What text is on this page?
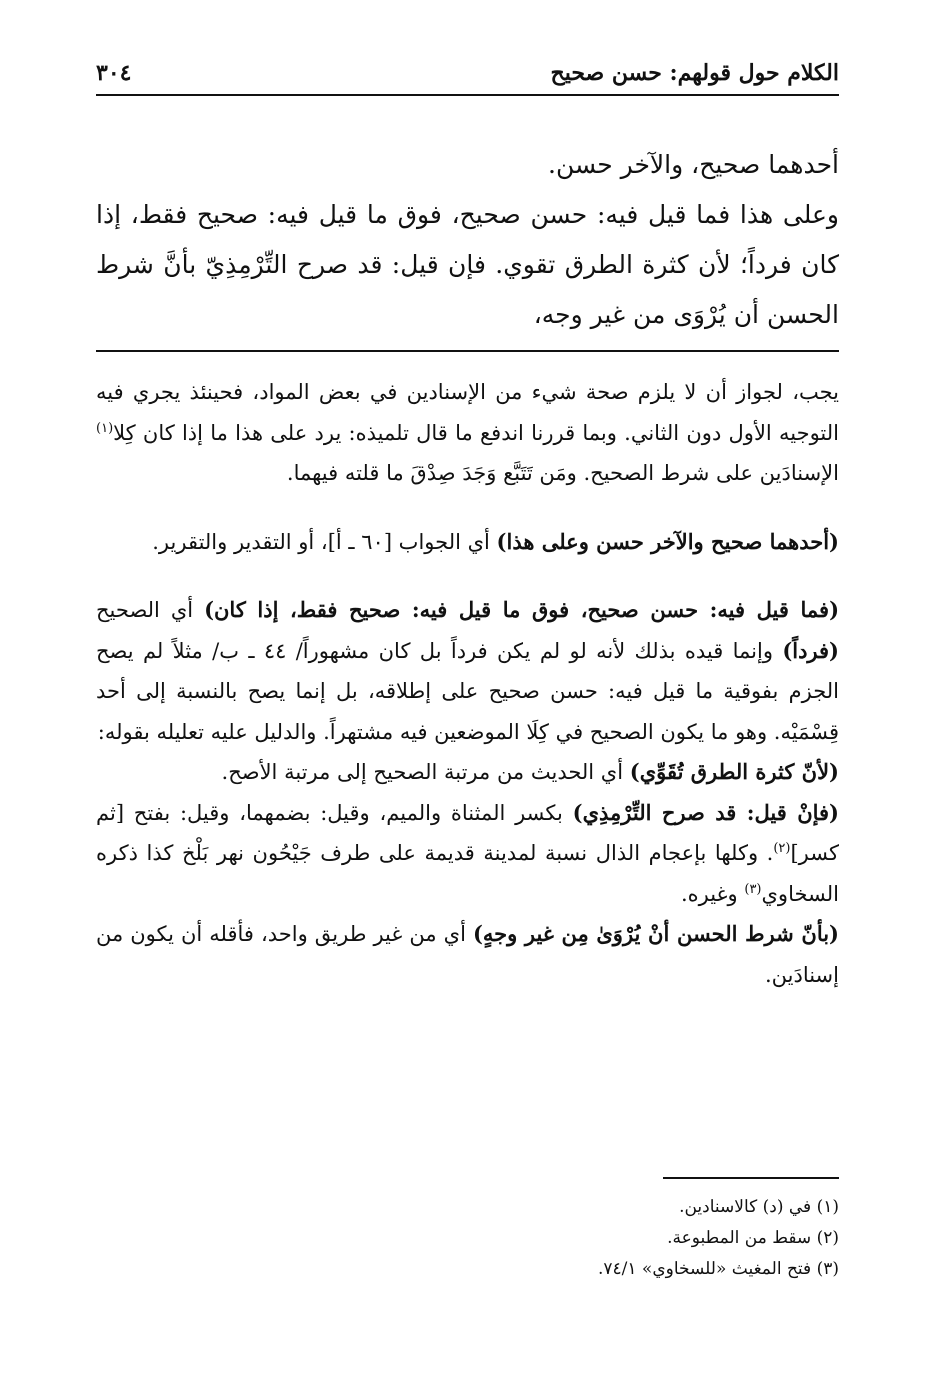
الكلام حول قولهم: حسن صحيح
٣٠٤

أحدهما صحيح، والآخر حسن.

وعلى هذا فما قيل فيه: حسن صحيح، فوق ما قيل فيه: صحيح فقط، إذا كان فرداً؛ لأن كثرة الطرق تقوي. فإن قيل: قد صرح التِّرْمِذِيّ بأنَّ شرط الحسن أن يُرْوَى من غير وجه،

يجب، لجواز أن لا يلزم صحة شيء من الإسنادين في بعض المواد، فحينئذ يجري فيه التوجيه الأول دون الثاني. وبما قررنا اندفع ما قال تلميذه: يرد على هذا ما إذا كان كِلا$^{(١)}$ الإسنادَين على شرط الصحيح. ومَن تَتَبَّع وَجَدَ صِدْقَ ما قلته فيهما.

(أحدهما صحيح والآخر حسن وعلى هذا) أي الجواب [٦٠ ـ أ]، أو التقدير والتقرير.

(فما قيل فيه: حسن صحيح، فوق ما قيل فيه: صحيح فقط، إذا كان) أي الصحيح (فرداً) وإنما قيده بذلك لأنه لو لم يكن فرداً بل كان مشهوراً/ ٤٤ ـ ب/ مثلاً لم يصح الجزم بفوقية ما قيل فيه: حسن صحيح على إطلاقه، بل إنما يصح بالنسبة إلى أحد قِسْمَيْه. وهو ما يكون الصحيح في كِلَا الموضعين فيه مشتهراً. والدليل عليه تعليله بقوله:

(لأنّ كثرة الطرق تُقَوِّي) أي الحديث من مرتبة الصحيح إلى مرتبة الأصح.

(فإنْ قيل: قد صرح التِّرْمِذِي) بكسر المثناة والميم، وقيل: بضمهما، وقيل: بفتح [ثم كسر]$^{(٢)}$. وكلها بإعجام الذال نسبة لمدينة قديمة على طرف جَيْحُون نهر بَلْخ كذا ذكره السخاوي$^{(٣)}$ وغيره.

(بأنّ شرط الحسن أنْ يُرْوَىٰ مِن غير وجهٍ) أي من غير طريق واحد، فأقله أن يكون من إسنادَين.

(١) في (د) كالاسنادين.
(٢) سقط من المطبوعة.
(٣) فتح المغيث «للسخاوي» ٧٤/١.
